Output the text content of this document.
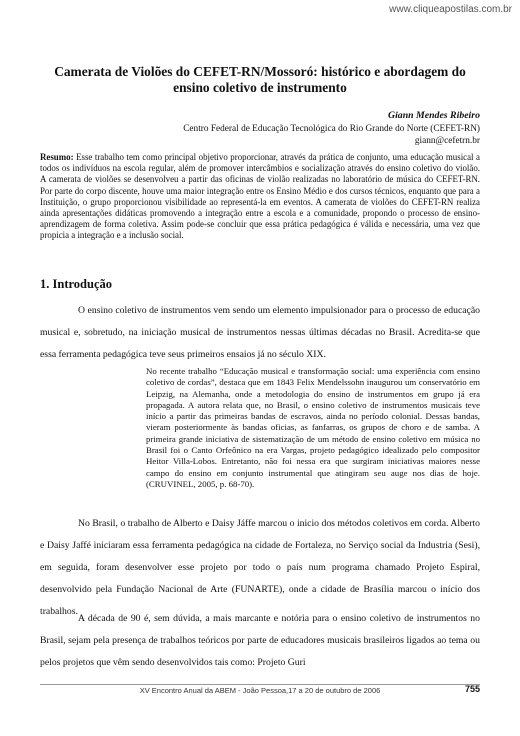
www.cliqueapostilas.com.br
Camerata de Violões do CEFET-RN/Mossoró: histórico e abordagem do ensino coletivo de instrumento
Giann Mendes Ribeiro
Centro Federal de Educação Tecnológica do Rio Grande do Norte (CEFET-RN)
giann@cefetrn.br
Resumo: Esse trabalho tem como principal objetivo proporcionar, através da prática de conjunto, uma educação musical a todos os indivíduos na escola regular, além de promover intercâmbios e socialização através do ensino coletivo do violão. A camerata de violões se desenvolveu a partir das oficinas de violão realizadas no laboratório de música do CEFET-RN. Por parte do corpo discente, houve uma maior integração entre os Ensino Médio e dos cursos técnicos, enquanto que para a Instituição, o grupo proporcionou visibilidade ao representá-la em eventos. A camerata de violões do CEFET-RN realiza ainda apresentações didáticas promovendo a integração entre a escola e a comunidade, propondo o processo de ensino-aprendizagem de forma coletiva. Assim pode-se concluir que essa prática pedagógica é válida e necessária, uma vez que propicia a integração e a inclusão social.
1. Introdução
O ensino coletivo de instrumentos vem sendo um elemento impulsionador para o processo de educação musical e, sobretudo, na iniciação musical de instrumentos nessas últimas décadas no Brasil. Acredita-se que essa ferramenta pedagógica teve seus primeiros ensaios já no século XIX.
No recente trabalho “Educação musical e transformação social: uma experiência com ensino coletivo de cordas”, destaca que em 1843 Felix Mendelssohn inaugurou um conservatório em Leipzig, na Alemanha, onde a metodologia do ensino de instrumentos em grupo já era propagada. A autora relata que, no Brasil, o ensino coletivo de instrumentos musicais teve início a partir das primeiras bandas de escravos, ainda no período colonial. Dessas bandas, vieram posteriormente às bandas oficias, as fanfarras, os grupos de choro e de samba. A primeira grande iniciativa de sistematização de um método de ensino coletivo em música no Brasil foi o Canto Orfeônico na era Vargas, projeto pedagógico idealizado pelo compositor Heitor Villa-Lobos. Entretanto, não foi nessa era que surgiram iniciativas maiores nesse campo do ensino em conjunto instrumental que atingiram seu auge nos dias de hoje. (CRUVINEL, 2005, p. 68-70).
No Brasil, o trabalho de Alberto e Daisy Jáffe marcou o inicio dos métodos coletivos em corda. Alberto e Daisy Jaffé iniciaram essa ferramenta pedagógica na cidade de Fortaleza, no Serviço social da Industria (Sesi), em seguida, foram desenvolver esse projeto por todo o país num programa chamado Projeto Espiral, desenvolvido pela Fundação Nacional de Arte (FUNARTE), onde a cidade de Brasília marcou o início dos trabalhos.
A década de 90 é, sem dúvida, a mais marcante e notória para o ensino coletivo de instrumentos no Brasil, sejam pela presença de trabalhos teóricos por parte de educadores musicais brasileiros ligados ao tema ou pelos projetos que vêm sendo desenvolvidos tais como: Projeto Guri
XV Encontro Anual da ABEM - João Pessoa,17 a 20 de outubro de 2006	755
